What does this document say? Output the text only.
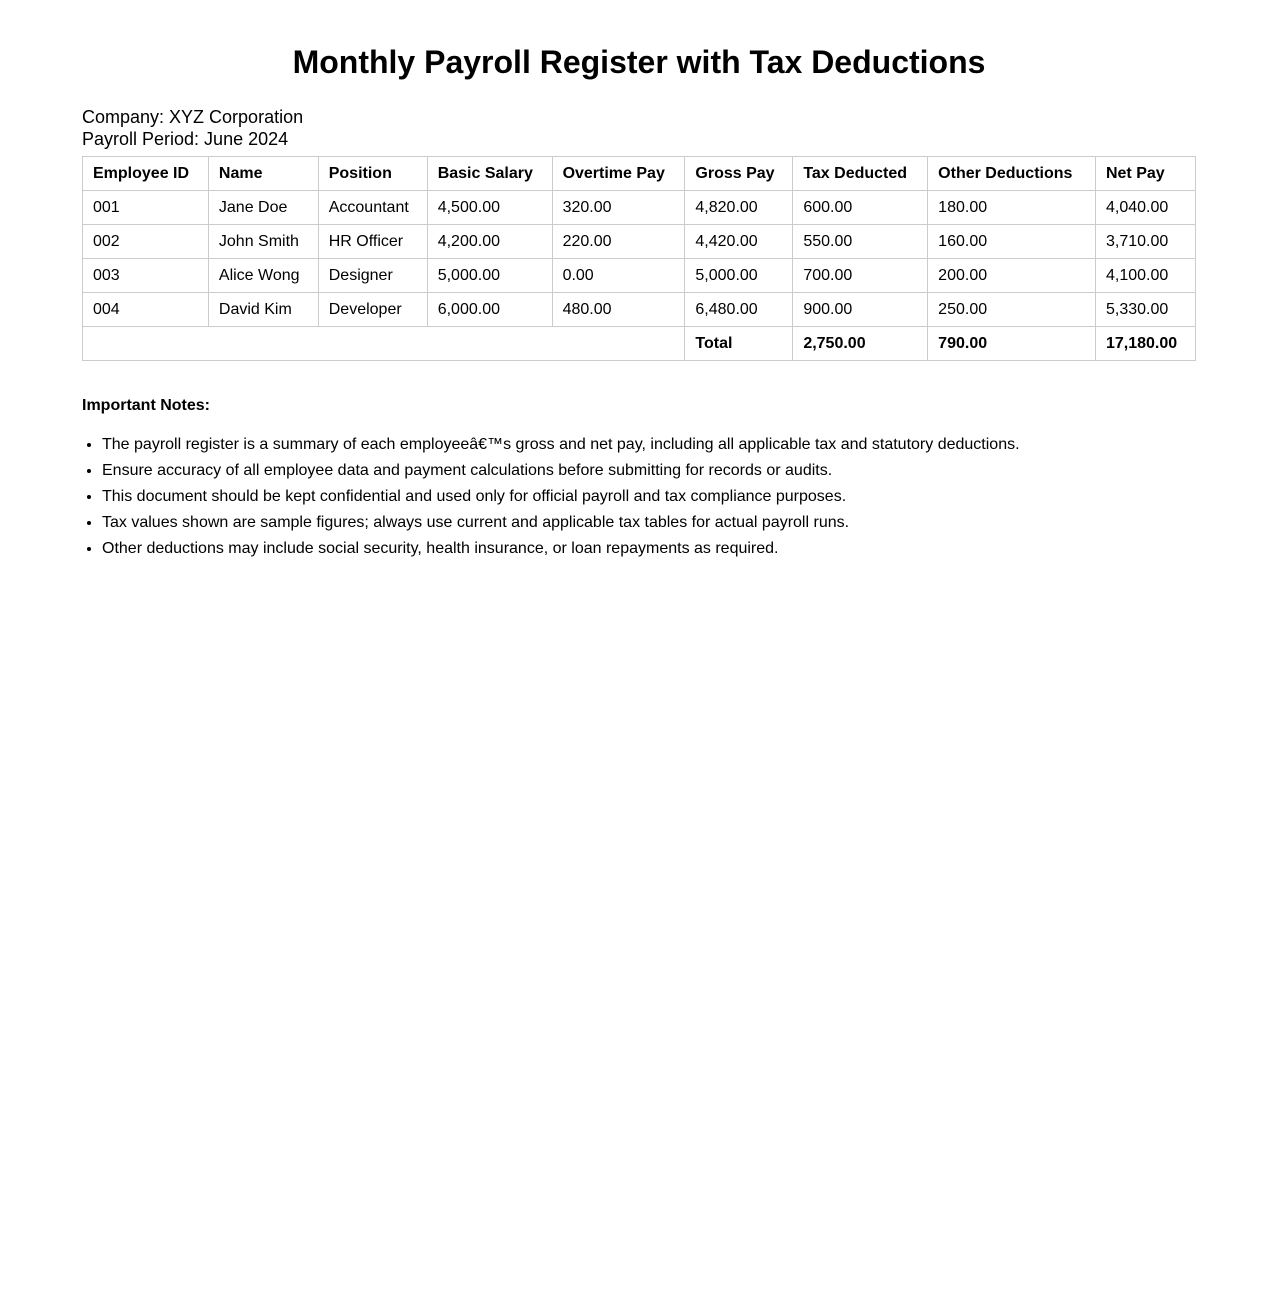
Monthly Payroll Register with Tax Deductions
Company: XYZ Corporation
Payroll Period: June 2024
Employee ID	Name	Position	Basic Salary	Overtime Pay	Gross Pay	Tax Deducted	Other Deductions	Net Pay
001	Jane Doe	Accountant	4,500.00	320.00	4,820.00	600.00	180.00	4,040.00
002	John Smith	HR Officer	4,200.00	220.00	4,420.00	550.00	160.00	3,710.00
003	Alice Wong	Designer	5,000.00	0.00	5,000.00	700.00	200.00	4,100.00
004	David Kim	Developer	6,000.00	480.00	6,480.00	900.00	250.00	5,330.00
					Total	2,750.00	790.00	17,180.00
Important Notes:
• The payroll register is a summary of each employeeâ€™s gross and net pay, including all applicable tax and statutory deductions.
• Ensure accuracy of all employee data and payment calculations before submitting for records or audits.
• This document should be kept confidential and used only for official payroll and tax compliance purposes.
• Tax values shown are sample figures; always use current and applicable tax tables for actual payroll runs.
• Other deductions may include social security, health insurance, or loan repayments as required.
